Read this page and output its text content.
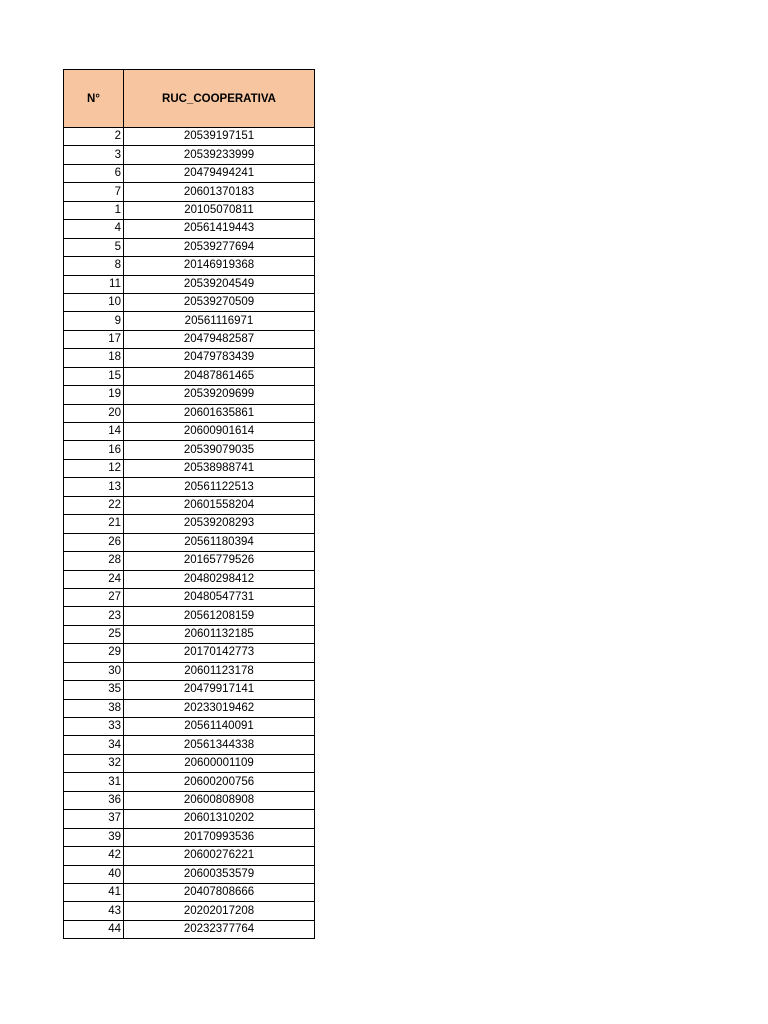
N°	RUC_COOPERATIVA
2	20539197151
3	20539233999
6	20479494241
7	20601370183
1	20105070811
4	20561419443
5	20539277694
8	20146919368
11	20539204549
10	20539270509
9	20561116971
17	20479482587
18	20479783439
15	20487861465
19	20539209699
20	20601635861
14	20600901614
16	20539079035
12	20538988741
13	20561122513
22	20601558204
21	20539208293
26	20561180394
28	20165779526
24	20480298412
27	20480547731
23	20561208159
25	20601132185
29	20170142773
30	20601123178
35	20479917141
38	20233019462
33	20561140091
34	20561344338
32	20600001109
31	20600200756
36	20600808908
37	20601310202
39	20170993536
42	20600276221
40	20600353579
41	20407808666
43	20202017208
44	20232377764
